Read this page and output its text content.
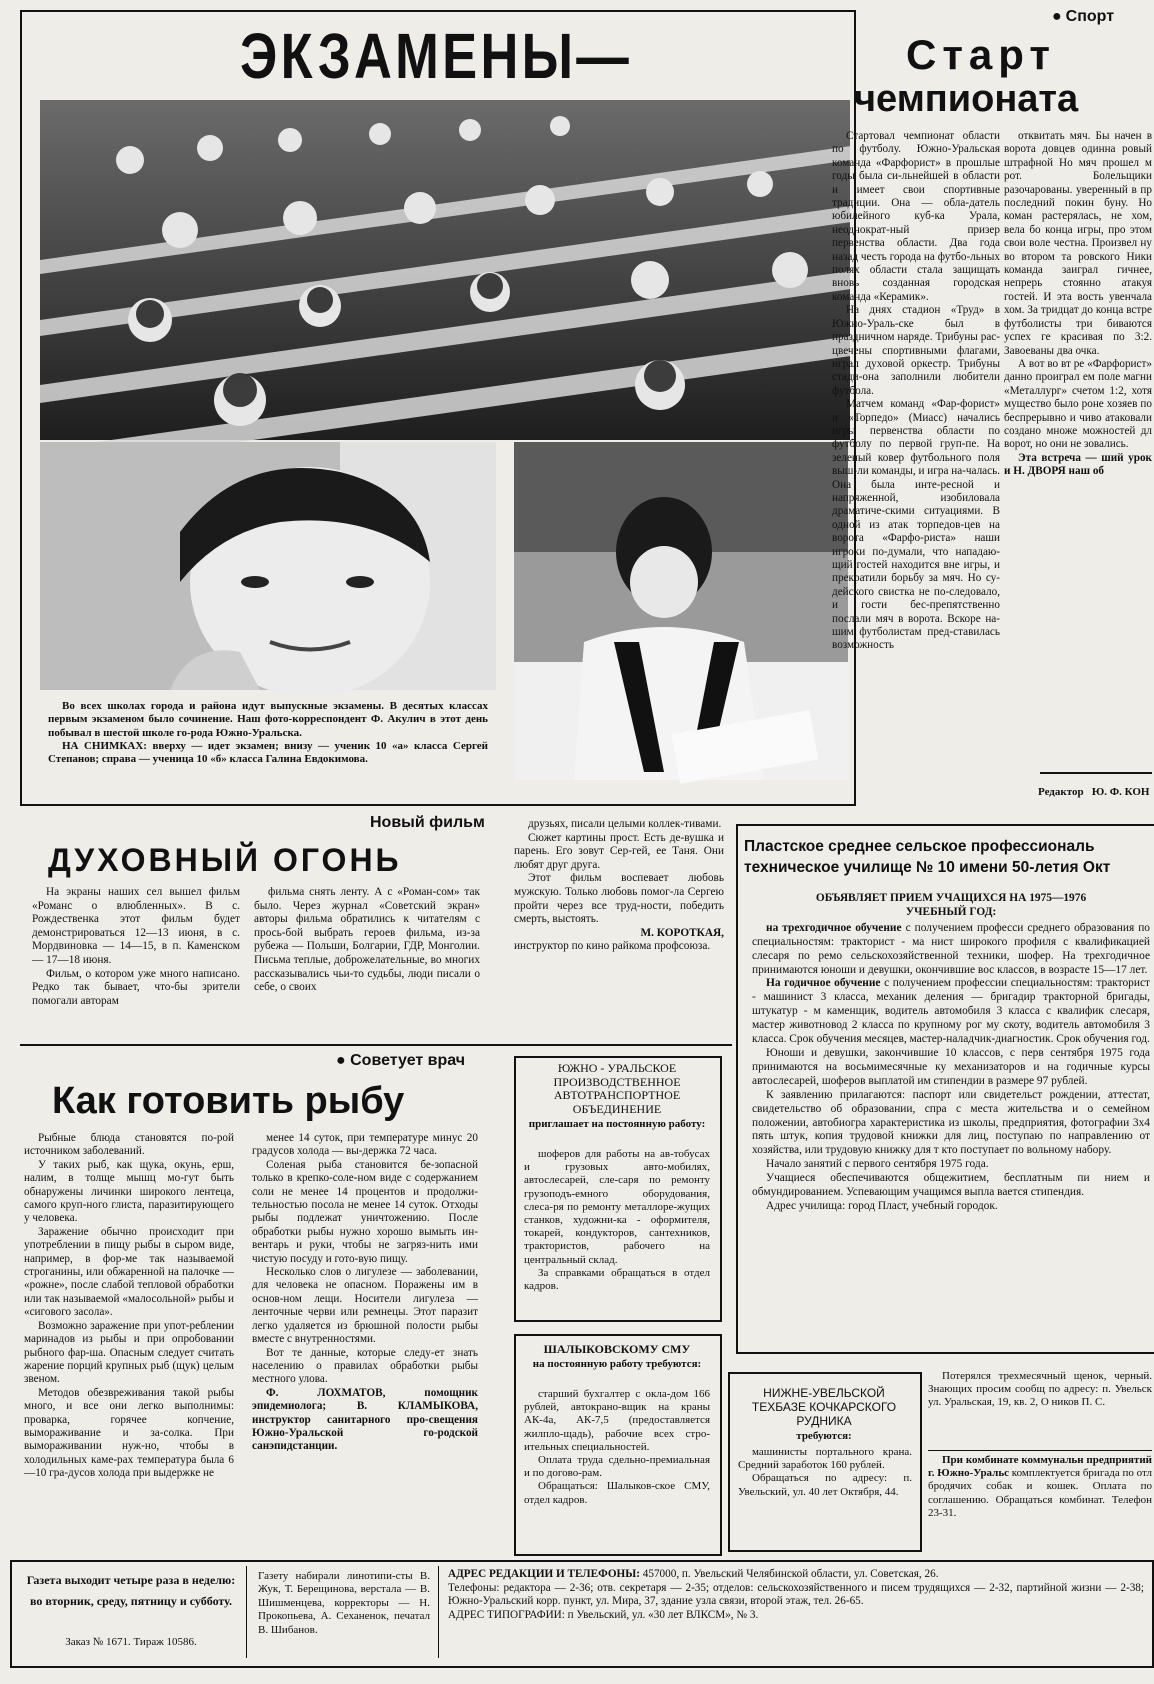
ЭКЗАМЕНЫ—

Во всех школах города и района идут выпускные экзамены. В десятых классах первым экзаменом было сочинение. Наш фото-корреспондент Ф. Акулич в этот день побывал в шестой школе го-рода Южно-Уральска.

НА СНИМКАХ: вверху — идет экзамен; внизу — ученик 10 «а» класса Сергей Степанов; справа — ученица 10 «б» класса Галина Евдокимова.

● Спорт
Старт
чемпионата

Стартовал чемпионат области по футболу. Южно-Уральская команда «Фарфорист» в прошлые годы была си-льнейшей в области и имеет свои спортивные традиции. Она — обла-датель юбилейного куб-ка Урала, неоднократ-ный призер первенства области. Два года назад честь города на футбо-льных полях области стала защищать вновь созданная городская команда «Керамик».

На днях стадион «Труд» в Южно-Ураль-ске был в праздничном наряде. Трибуны рас-цвечены спортивными флагами, играл духовой оркестр. Трибуны стади-она заполнили любители футбола.

Матчем команд «Фар-форист» и «Торпедо» (Миасс) начались игры первенства области по футболу по первой груп-пе. На зеленый ковер футбольного поля выш-ли команды, и игра на-чалась. Она была инте-ресной и напряженной, изобиловала драматиче-скими ситуациями. В одной из атак торпедов-цев на ворота «Фарфо-риста» наши игроки по-думали, что нападаю-щий гостей находится вне игры, и прекратили борьбу за мяч. Но су-дейского свистка не по-следовало, и гости бес-препятственно послали мяч в ворота. Вскоре на-шим футболистам пред-ставилась возможность

отквитать мяч. Бы начен в ворота довцев одинна ровый штрафной Но мяч прошел м рот. Болельщики разочарованы. уверенный в пр последний покин буну. Но коман растерялась, не хом, вела бо конца игры, про этом свои воле честна. Произвел ну во втором та ровского Ники команда заиграл гичнее, непрерь стоянно атакуя гостей. И эта вость увенчала хом. За тридцат до конца встре футболисты три биваются успех ге красивая по 3:2. Завоеваны два очка.

А вот во вт ре «Фарфорист» данно проиграл ем поле магни «Металлург» счетом 1:2, хотя мущество было роне хозяев по беспрерывно и чиво атаковали создано множе можностей дл ворот, но они не зовались.

Эта встреча — ший урок и Н. ДВОРЯ наш об

Редактор Ю. Ф. КОН
Новый фильм
ДУХОВНЫЙ ОГОНЬ

На экраны наших сел вышел фильм «Романс о влюбленных». В с. Рождественка этот фильм будет демонстрироваться 12—13 июня, в с. Мордвиновка — 14—15, в п. Каменском — 17—18 июня.

Фильм, о котором уже много написано. Редко так бывает, что-бы зрители помогали авторам

фильма снять ленту. А с «Роман-сом» так было. Через журнал «Советский экран» авторы фильма обратились к читателям с прось-бой выбрать героев фильма, из-за рубежа — Польши, Болгарии, ГДР, Монголии. Письма теплые, доброжелательные, во многих рассказывались чьи-то судьбы, люди писали о себе, о своих

друзьях, писали целыми коллек-тивами.

Сюжет картины прост. Есть де-вушка и парень. Его зовут Сер-гей, ее Таня. Они любят друг друга.

Этот фильм воспевает любовь мужскую. Только любовь помог-ла Сергею пройти через все труд-ности, победить смерть, выстоять.

М. КОРОТКАЯ,
инструктор по кино райкома профсоюза.
Пластское среднее сельское профессиональ
техническое училище № 10 имени 50-летия Окт
ОБЪЯВЛЯЕТ ПРИЕМ УЧАЩИХСЯ НА 1975—1976 УЧЕБНЫЙ ГОД:

на трехгодичное обучение с получением професси среднего образования по специальностям: тракторист - ма нист широкого профиля с квалификацией слесаря по ремо сельскохозяйственной техники, шофер. На трехгодичное принимаются юноши и девушки, окончившие вос классов, в возрасте 15—17 лет.

На годичное обучение с получением профессии специальностям: тракторист - машинист 3 класса, механик деления — бригадир тракторной бригады, штукатур - м каменщик, водитель автомобиля 3 класса с квалифик слесаря, мастер животновод 2 класса по крупному рог му скоту, водитель автомобиля 3 класса. Срок обучения месяцев, мастер-наладчик-диагностик. Срок обучения год.

Юноши и девушки, закончившие 10 классов, с перв сентября 1975 года принимаются на восьмимесячные ку механизаторов и на годичные курсы автослесарей, шоферов выплатой им стипендии в размере 97 рублей.

К заявлению прилагаются: паспорт или свидетельст рождении, аттестат, свидетельство об образовании, спра с места жительства и о семейном положении, автобиогра характеристика из школы, предприятия, фотографии 3х4 пять штук, копия трудовой книжки для лиц, поступаю по направлению от хозяйства, или трудовую книжку для т кто поступает по вольному набору.

Начало занятий с первого сентября 1975 года.

Учащиеся обеспечиваются общежитием, бесплатным пи нием и обмундированием. Успевающим учащимся выпла вается стипендия.

Адрес училища: город Пласт, учебный городок.

● Советует врач
Как готовить рыбу

Рыбные блюда становятся по-рой источником заболеваний.

У таких рыб, как щука, окунь, ерш, налим, в толще мышц мо-гут быть обнаружены личинки широкого лентеца, самого круп-ного глиста, паразитирующего у человека.

Заражение обычно происходит при употреблении в пищу рыбы в сыром виде, например, в фор-ме так называемой строганины, или обжаренной на палочке — «рожне», после слабой тепловой обработки или так называемой «малосольной» рыбы и «сигового засола».

Возможно заражение при упот-реблении маринадов из рыбы и при опробовании рыбного фар-ша. Опасным следует считать жарение порций крупных рыб (щук) целым звеном.

Методов обезвреживания такой рыбы много, и все они легко выполнимы: проварка, горячее копчение, вымораживание и за-солка. При вымораживании нуж-но, чтобы в холодильных каме-рах температура была 6—10 гра-дусов холода при выдержке не

менее 14 суток, при температуре минус 20 градусов холода — вы-держка 72 часа.

Соленая рыба становится бе-зопасной только в крепко-соле-ном виде с содержанием соли не менее 14 процентов и продолжи-тельностью посола не менее 14 суток. Отходы рыбы подлежат уничтожению. После обработки рыбы нужно хорошо вымыть ин-вентарь и руки, чтобы не загряз-нить ими чистую посуду и гото-вую пищу.

Несколько слов о лигулезе — заболевании, для человека не опасном. Поражены им в основ-ном лещи. Носители лигулеза — ленточные черви или ремнецы. Этот паразит легко удаляется из брюшной полости рыбы вместе с внутренностями.

Вот те данные, которые следу-ет знать населению о правилах обработки рыбы местного улова.

Ф. ЛОХМАТОВ, помощник эпидемиолога; В. КЛАМЫКОВА, инструктор санитарного про-свещения Южно-Уральской го-родской санэпидстанции.

ЮЖНО - УРАЛЬСКОЕ ПРОИЗВОДСТВЕННОЕ АВТОТРАНСПОРТНОЕ ОБЪЕДИНЕНИЕ
приглашает на постоянную работу:

шоферов для работы на ав-тобусах и грузовых авто-мобилях, автослесарей, сле-саря по ремонту грузоподъ-емного оборудования, слеса-ря по ремонту металлоре-жущих станков, художни-ка - оформителя, токарей, кондукторов, сантехников, трактористов, рабочего на центральный склад.

За справками обращаться в отдел кадров.

ШАЛЫКОВСКОМУ СМУ
на постоянную работу требуются:

старший бухгалтер с окла-дом 166 рублей, автокрано-вщик на краны АК-4а, АК-7,5 (предоставляется жилпло-щадь), рабочие всех стро-ительных специальностей.

Оплата труда сдельно-премиальная и по догово-рам.

Обращаться: Шалыков-ское СМУ, отдел кадров.

НИЖНЕ-УВЕЛЬСКОЙ ТЕХБАЗЕ КОЧКАРСКОГО РУДНИКА
требуются:

машинисты портального крана. Средний заработок 160 рублей.

Обращаться по адресу: п. Увельский, ул. 40 лет Октября, 44.

Потерялся трехмесячный щенок, черный. Знающих просим сообщ по адресу: п. Увельск ул. Уральская, 19, кв. 2, О ников П. С.

При комбинате коммунальн предприятий г. Южно-Уральс комплектуется бригада по отл бродячих собак и кошек. Оплата по соглашению. Обращаться комбинат. Телефон 23-31.

Газета выходит четыре раза в неделю: во вторник, среду, пятницу и субботу.
Заказ № 1671. Тираж 10586.
Газету набирали линотипи-сты В. Жук, Т. Берещинова, верстала — В. Шишменцева, корректоры — Н. Прокопьева, А. Сеханенок, печатал В. Шибанов.
АДРЕС РЕДАКЦИИ И ТЕЛЕФОНЫ: 457000, п. Увельский Челябинской области, ул. Советская, 26.
Телефоны: редактора — 2-36; отв. секретаря — 2-35; отделов: сельскохозяйственного и писем трудящихся — 2-32, партийной жизни — 2-38; Южно-Уральский корр. пункт, ул. Мира, 37, здание узла связи, второй этаж, тел. 26-65.
АДРЕС ТИПОГРАФИИ: п Увельский, ул. «30 лет ВЛКСМ», № 3.
